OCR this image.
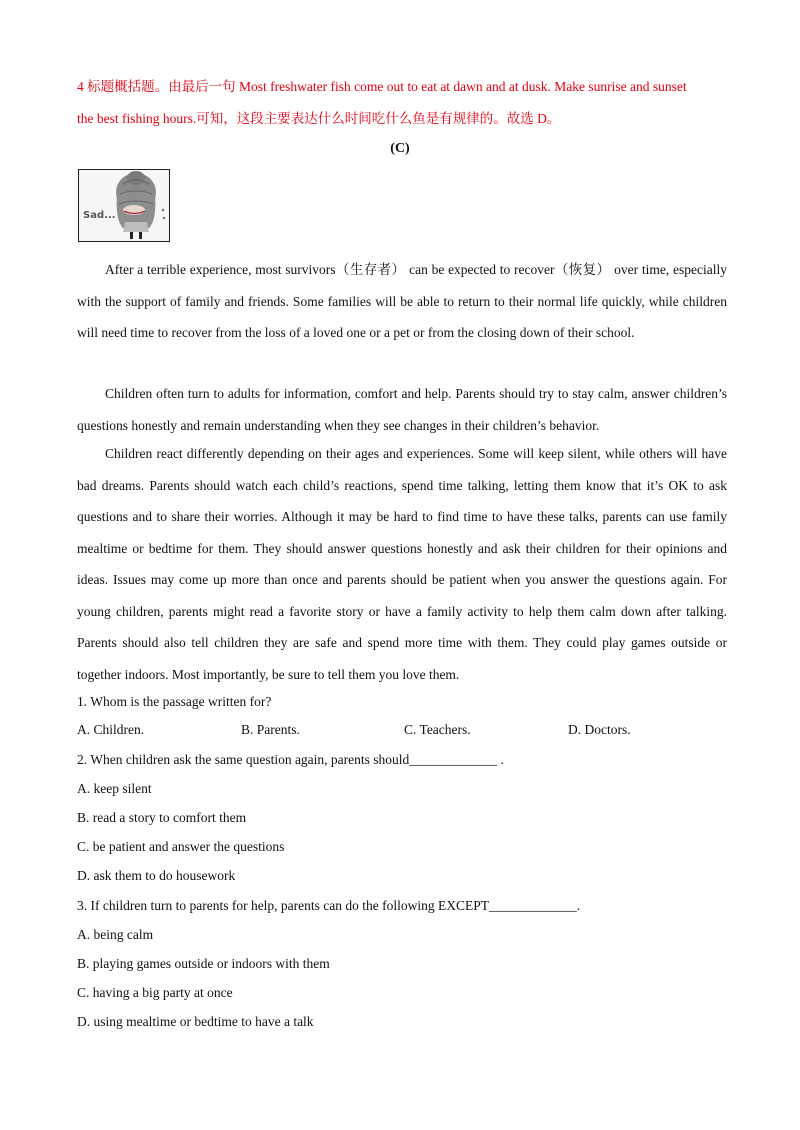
4 标题概括题。由最后一句 Most freshwater fish come out to eat at dawn and at dusk. Make sunrise and sunset
the best fishing hours.可知，这段主要表达什么时间吃什么鱼是有规律的。故选 D。
(C)
Sad...
After a terrible experience, most survivors（生存者） can be expected to recover（恢复） over time, especially with the support of family and friends. Some families will be able to return to their normal life quickly, while children will need time to recover from the loss of a loved one or a pet or from the closing down of their school.
Children often turn to adults for information, comfort and help. Parents should try to stay calm, answer children’s questions honestly and remain understanding when they see changes in their children’s behavior.
Children react differently depending on their ages and experiences. Some will keep silent, while others will have bad dreams. Parents should watch each child’s reactions, spend time talking, letting them know that it’s OK to ask questions and to share their worries. Although it may be hard to find time to have these talks, parents can use family mealtime or bedtime for them. They should answer questions honestly and ask their children for their opinions and ideas. Issues may come up more than once and parents should be patient when you answer the questions again. For young children, parents might read a favorite story or have a family activity to help them calm down after talking. Parents should also tell children they are safe and spend more time with them. They could play games outside or together indoors. Most importantly, be sure to tell them you love them.
1. Whom is the passage written for?
A. Children.	B. Parents.	C. Teachers.	D. Doctors.
2. When children ask the same question again, parents should_____________ .
A. keep silent
B. read a story to comfort them
C. be patient and answer the questions
D. ask them to do housework
3. If children turn to parents for help, parents can do the following EXCEPT_____________.
A. being calm
B. playing games outside or indoors with them
C. having a big party at once
D. using mealtime or bedtime to have a talk
